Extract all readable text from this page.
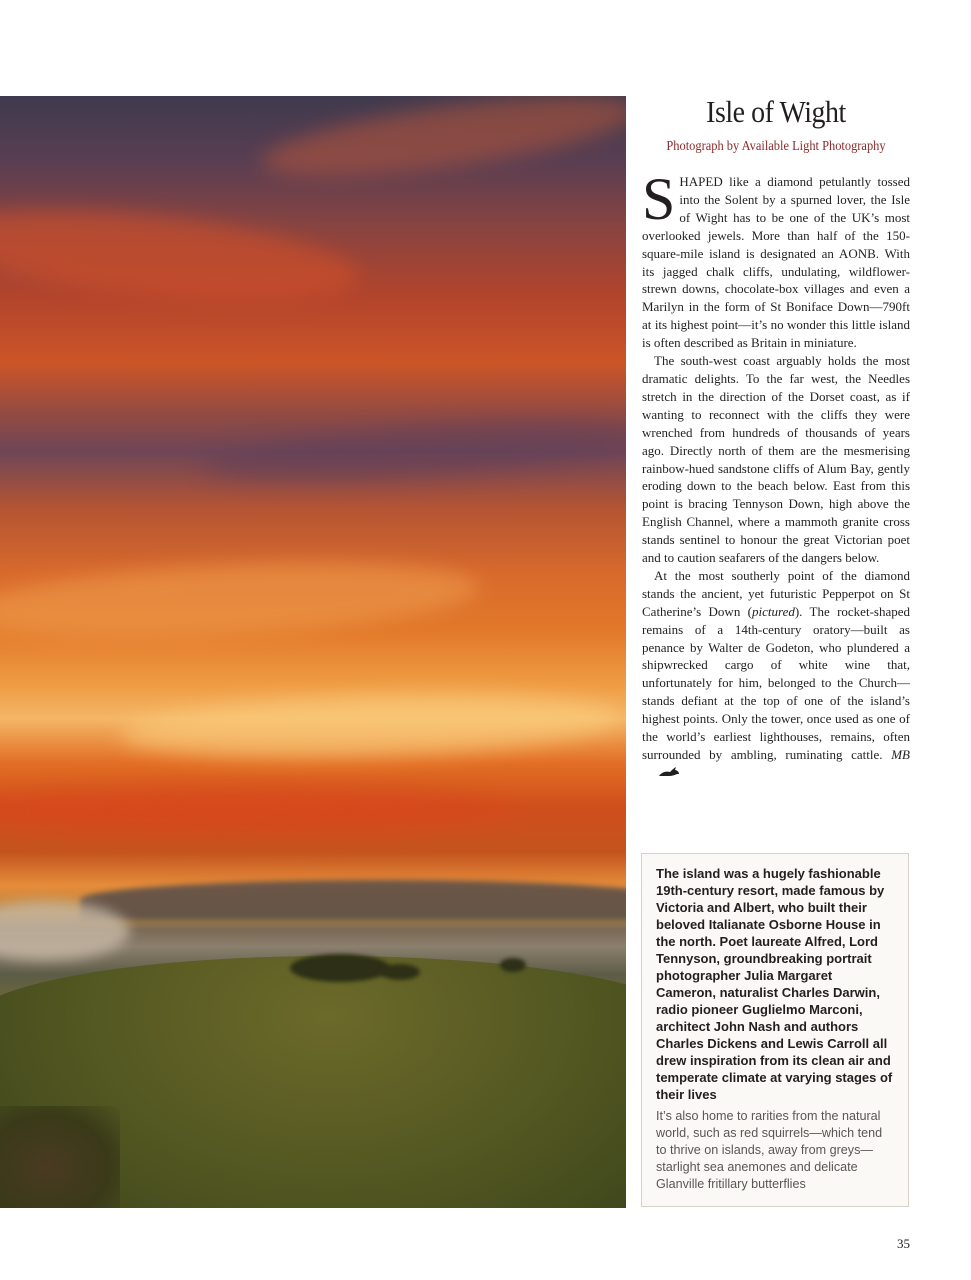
Isle of Wight
Photograph by Available Light Photography

SHAPED like a diamond petulantly tossed into the Solent by a spurned lover, the Isle of Wight has to be one of the UK’s most overlooked jewels. More than half of the 150-square-mile island is designated an AONB. With its jagged chalk cliffs, undulating, wildflower-strewn downs, chocolate-box villages and even a Marilyn in the form of St Boniface Down—790ft at its highest point—it’s no wonder this little island is often described as Britain in miniature.

The south-west coast arguably holds the most dramatic delights. To the far west, the Needles stretch in the direction of the Dorset coast, as if wanting to reconnect with the cliffs they were wrenched from hundreds of thousands of years ago. Directly north of them are the mesmerising rainbow-hued sandstone cliffs of Alum Bay, gently eroding down to the beach below. East from this point is bracing Tennyson Down, high above the English Channel, where a mammoth granite cross stands sentinel to honour the great Victorian poet and to caution seafarers of the dangers below.

At the most southerly point of the diamond stands the ancient, yet futuristic Pepperpot on St Catherine’s Down (pictured). The rocket-shaped remains of a 14th-century oratory—built as penance by Walter de Godeton, who plundered a shipwrecked cargo of white wine that, unfortunately for him, belonged to the Church—stands defiant at the top of one of the island’s highest points. Only the tower, once used as one of the world’s earliest lighthouses, remains, often surrounded by ambling, ruminating cattle. MB

The island was a hugely fashionable 19th-century resort, made famous by Victoria and Albert, who built their beloved Italianate Osborne House in the north. Poet laureate Alfred, Lord Tennyson, groundbreaking portrait photographer Julia Margaret Cameron, naturalist Charles Darwin, radio pioneer Guglielmo Marconi, architect John Nash and authors Charles Dickens and Lewis Carroll all drew inspiration from its clean air and temperate climate at varying stages of their lives

It’s also home to rarities from the natural world, such as red squirrels—which tend to thrive on islands, away from greys—starlight sea anemones and delicate Glanville fritillary butterflies

35
